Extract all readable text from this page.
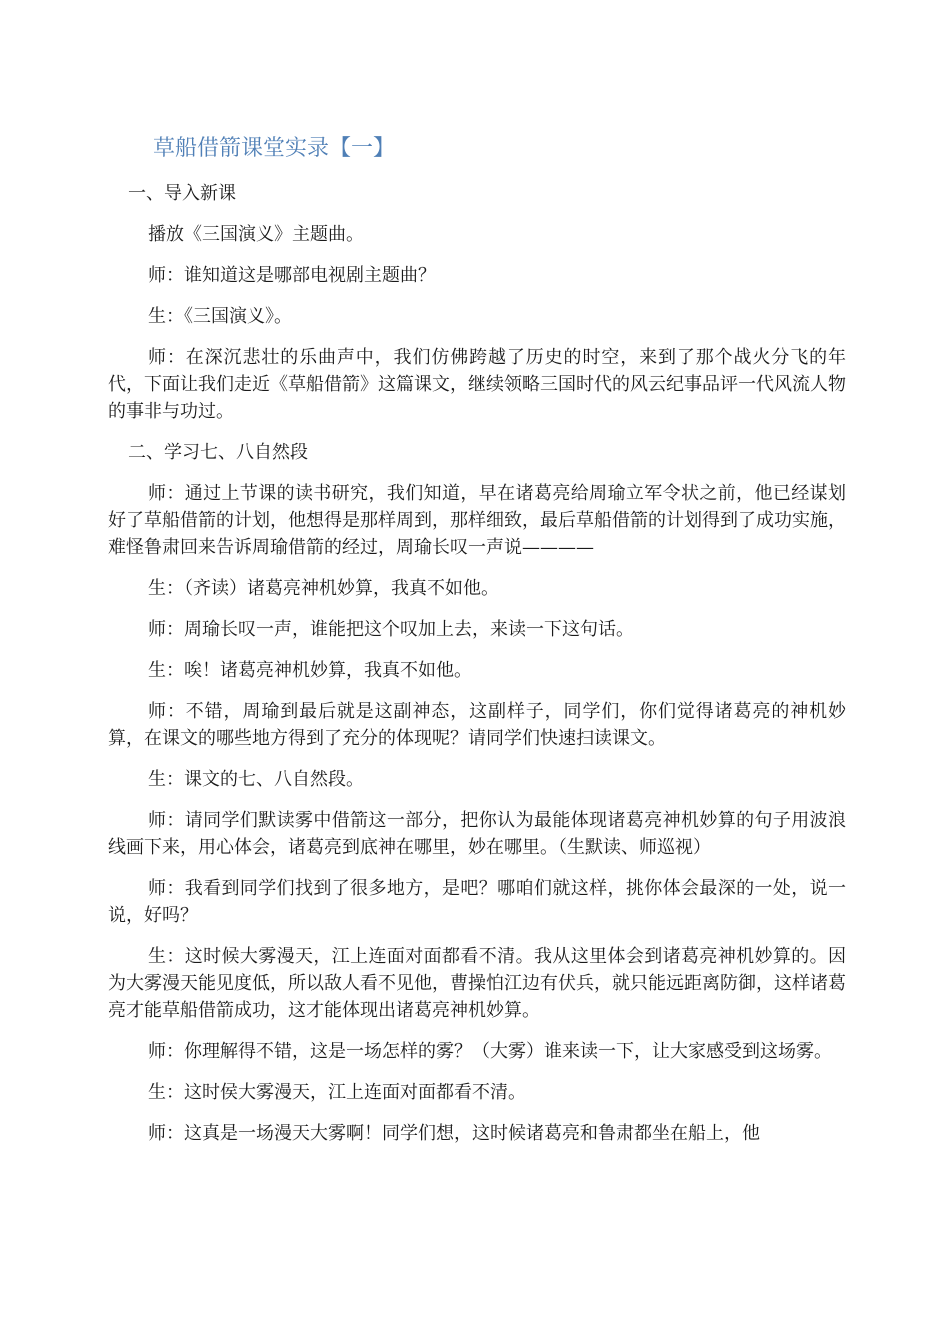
草船借箭课堂实录【一】

一、导入新课

播放《三国演义》主题曲。

师：谁知道这是哪部电视剧主题曲？

生：《三国演义》。

师：在深沉悲壮的乐曲声中，我们仿佛跨越了历史的时空，来到了那个战火分飞的年代，下面让我们走近《草船借箭》这篇课文，继续领略三国时代的风云纪事品评一代风流人物的事非与功过。

二、学习七、八自然段

师：通过上节课的读书研究，我们知道，早在诸葛亮给周瑜立军令状之前，他已经谋划好了草船借箭的计划，他想得是那样周到，那样细致，最后草船借箭的计划得到了成功实施，难怪鲁肃回来告诉周瑜借箭的经过，周瑜长叹一声说————

生：（齐读）诸葛亮神机妙算，我真不如他。

师：周瑜长叹一声，谁能把这个叹加上去，来读一下这句话。

生：唉！诸葛亮神机妙算，我真不如他。

师：不错，周瑜到最后就是这副神态，这副样子，同学们，你们觉得诸葛亮的神机妙算，在课文的哪些地方得到了充分的体现呢？请同学们快速扫读课文。

生：课文的七、八自然段。

师：请同学们默读雾中借箭这一部分，把你认为最能体现诸葛亮神机妙算的句子用波浪线画下来，用心体会，诸葛亮到底神在哪里，妙在哪里。（生默读、师巡视）

师：我看到同学们找到了很多地方，是吧？哪咱们就这样，挑你体会最深的一处，说一说，好吗？

生：这时候大雾漫天，江上连面对面都看不清。我从这里体会到诸葛亮神机妙算的。因为大雾漫天能见度低，所以敌人看不见他，曹操怕江边有伏兵，就只能远距离防御，这样诸葛亮才能草船借箭成功，这才能体现出诸葛亮神机妙算。

师：你理解得不错，这是一场怎样的雾？（大雾）谁来读一下，让大家感受到这场雾。

生：这时侯大雾漫天，江上连面对面都看不清。

师：这真是一场漫天大雾啊！同学们想，这时候诸葛亮和鲁肃都坐在船上，他
